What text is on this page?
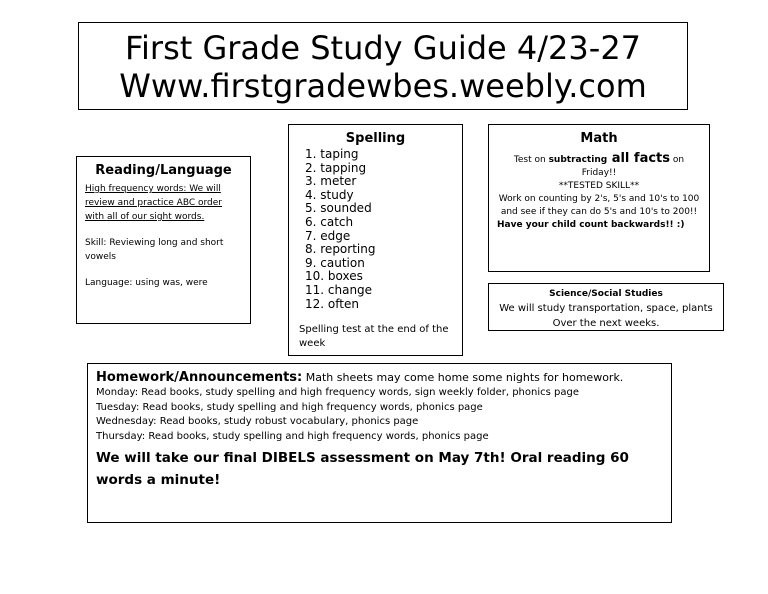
First Grade Study Guide 4/23-27
Www.firstgradewbes.weebly.com
Reading/Language
High frequency words: We will review and practice ABC order with all of our sight words.
Skill: Reviewing long and short vowels
Language: using was, were
Spelling
1. taping
2. tapping
3. meter
4. study
5. sounded
6. catch
7. edge
8. reporting
9. caution
10. boxes
11. change
12. often
Spelling test at the end of the week
Math
Test on subtracting all facts on Friday!!
**TESTED SKILL**
Work on counting by 2's, 5's and 10's to 100 and see if they can do 5's and 10's to 200!!
Have your child count backwards!! :)
Science/Social Studies
We will study transportation, space, plants
Over the next weeks.
Homework/Announcements: Math sheets may come home some nights for homework.
Monday: Read books, study spelling and high frequency words, sign weekly folder, phonics page
Tuesday: Read books, study spelling and high frequency words, phonics page
Wednesday: Read books, study robust vocabulary, phonics page
Thursday: Read books, study spelling and high frequency words, phonics page
We will take our final DIBELS assessment on May 7th! Oral reading 60 words a minute!
